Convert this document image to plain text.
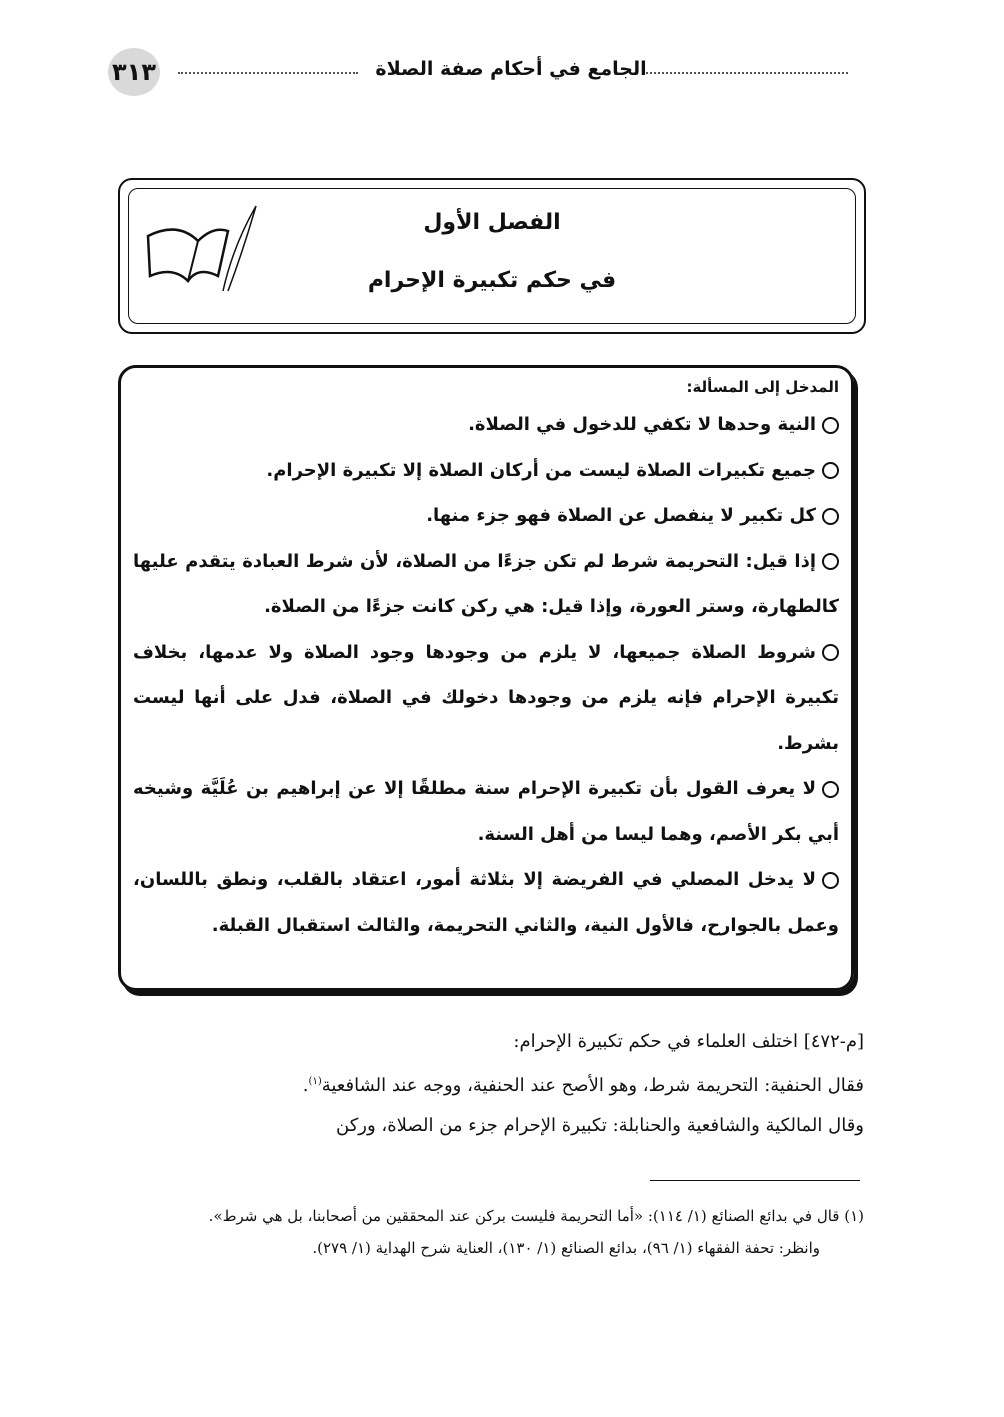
٣١٣	الجامع في أحكام صفة الصلاة
الفصل الأول
في حكم تكبيرة الإحرام
المدخل إلى المسألة:

النية وحدها لا تكفي للدخول في الصلاة.

جميع تكبيرات الصلاة ليست من أركان الصلاة إلا تكبيرة الإحرام.

كل تكبير لا ينفصل عن الصلاة فهو جزء منها.

إذا قيل: التحريمة شرط لم تكن جزءًا من الصلاة، لأن شرط العبادة يتقدم عليها كالطهارة، وستر العورة، وإذا قيل: هي ركن كانت جزءًا من الصلاة.

شروط الصلاة جميعها، لا يلزم من وجودها وجود الصلاة ولا عدمها، بخلاف تكبيرة الإحرام فإنه يلزم من وجودها دخولك في الصلاة، فدل على أنها ليست بشرط.

لا يعرف القول بأن تكبيرة الإحرام سنة مطلقًا إلا عن إبراهيم بن عُلَيَّة وشيخه أبي بكر الأصم، وهما ليسا من أهل السنة.

لا يدخل المصلي في الفريضة إلا بثلاثة أمور، اعتقاد بالقلب، ونطق باللسان، وعمل بالجوارح، فالأول النية، والثاني التحريمة، والثالث استقبال القبلة.

[م-٤٧٢] اختلف العلماء في حكم تكبيرة الإحرام:

فقال الحنفية: التحريمة شرط، وهو الأصح عند الحنفية، ووجه عند الشافعية$^{(١)}$.

وقال المالكية والشافعية والحنابلة: تكبيرة الإحرام جزء من الصلاة، وركن

(١) قال في بدائع الصنائع (١/ ١١٤): «أما التحريمة فليست بركن عند المحققين من أصحابنا، بل هي شرط».

وانظر: تحفة الفقهاء (١/ ٩٦)، بدائع الصنائع (١/ ١٣٠)، العناية شرح الهداية (١/ ٢٧٩).
